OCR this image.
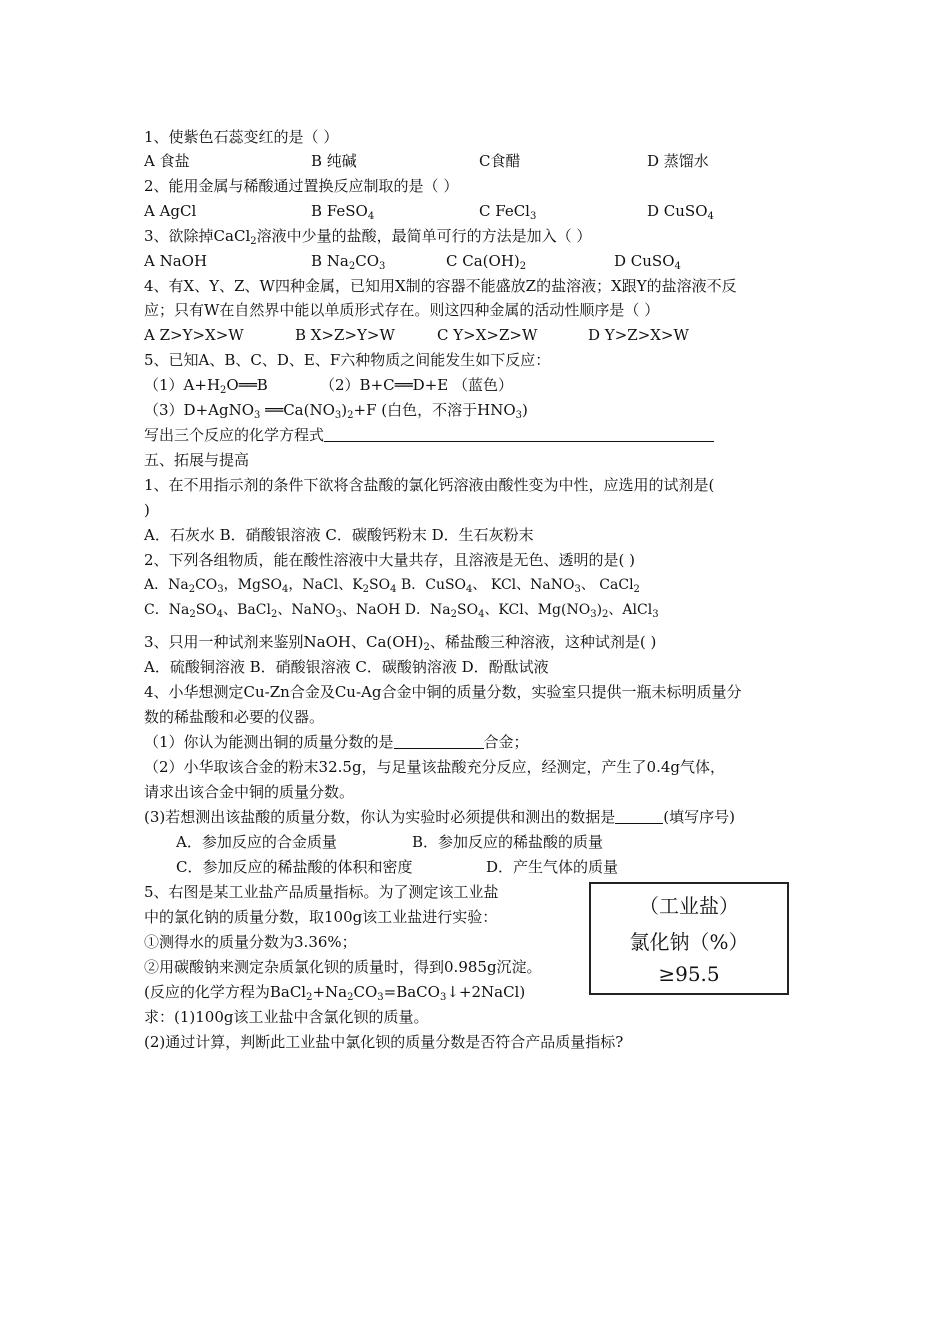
1、使紫色石蕊变红的是（ ）
A 食盐	B 纯碱	C食醋	D 蒸馏水
2、能用金属与稀酸通过置换反应制取的是（ ）
A AgCl	B FeSO$_4$	C FeCl$_3$	D CuSO$_4$
3、欲除掉CaCl$_2$溶液中少量的盐酸，最简单可行的方法是加入（ ）
A NaOH	B $Na_2CO_3$	C $Ca(OH)_2$	D CuSO$_4$
4、有X、Y、Z、W四种金属，已知用X制的容器不能盛放Z的盐溶液；X跟Y的盐溶液不反
应；只有W在自然界中能以单质形式存在。则这四种金属的活动性顺序是（ ）
A Z>Y>X>W	B X>Z>Y>W	C Y>X>Z>W	D Y>Z>X>W
5、已知A、B、C、D、E、F六种物质之间能发生如下反应：
$(1)A+H_2O══B$	（2）B+C══D+E （蓝色）
（3）D+AgNO$_3$ $══Ca(NO_3)_2+F$ (白色，不溶于$HNO_3$)
写出三个反应的化学方程式
五、拓展与提高
1、在不用指示剂的条件下欲将含盐酸的氯化钙溶液由酸性变为中性，应选用的试剂是(
)
A．石灰水 B．硝酸银溶液 C．碳酸钙粉末 D．生石灰粉末
2、下列各组物质，能在酸性溶液中大量共存，且溶液是无色、透明的是( )
A．$Na_2CO_3$，MgSO$_4$，NaCl、$K_2SO_4$ B．CuSO$_4$、 KCl、NaNO$_3$、 CaCl$_2$
C．$Na_2SO_4$、BaCl$_2$、NaNO$_3$、NaOH D．$Na_2SO_4$、KCl、$Mg(NO_3)_2$、AlCl$_3$
3、只用一种试剂来鉴别NaOH、$Ca(OH)_2$、稀盐酸三种溶液，这种试剂是( )
A．硫酸铜溶液 B．硝酸银溶液 C．碳酸钠溶液 D．酚酞试液
4、小华想测定Cu-Zn合金及Cu-Ag合金中铜的质量分数，实验室只提供一瓶未标明质量分
数的稀盐酸和必要的仪器。
（1）你认为能测出铜的质量分数的是	合金；
（2）小华取该合金的粉末32.5g，与足量该盐酸充分反应，经测定，产生了0.4g气体，
请求出该合金中铜的质量分数。
(3)若想测出该盐酸的质量分数，你认为实验时必须提供和测出的数据是	(填写序号)
A．参加反应的合金质量	B．参加反应的稀盐酸的质量
C．参加反应的稀盐酸的体积和密度	D．产生气体的质量
5、右图是某工业盐产品质量指标。为了测定该工业盐
中的氯化钠的质量分数，取100g该工业盐进行实验：
①测得水的质量分数为3.36%；
②用碳酸钠来测定杂质氯化钡的质量时，得到0.985g沉淀。
(反应的化学方程为$BaCl_2+Na_2CO_3=BaCO_3↓+2NaCl$)
求：(1)100g该工业盐中含氯化钡的质量。
(2)通过计算，判断此工业盐中氯化钡的质量分数是否符合产品质量指标?
（工业盐）
氯化钠（%）
≥95.5
